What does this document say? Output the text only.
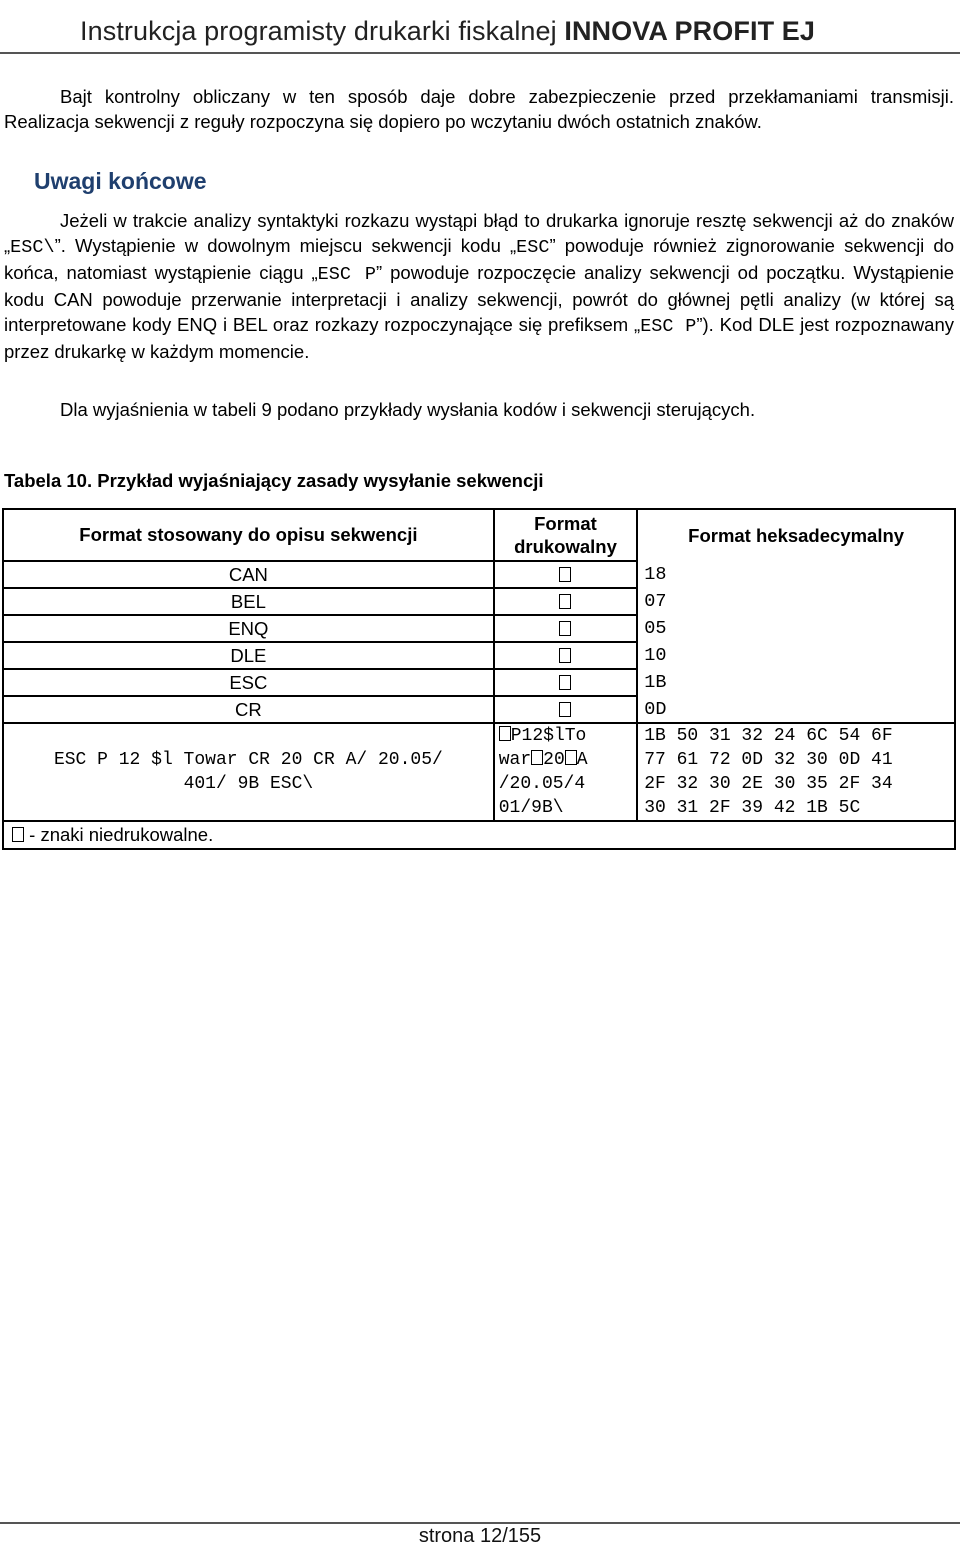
Instrukcja programisty drukarki fiskalnej INNOVA PROFIT EJ
Bajt kontrolny obliczany w ten sposób daje dobre zabezpieczenie przed przekłamaniami transmisji. Realizacja sekwencji z reguły rozpoczyna się dopiero po wczytaniu dwóch ostatnich znaków.
Uwagi końcowe
Jeżeli w trakcie analizy syntaktyki rozkazu wystąpi błąd to drukarka ignoruje resztę sekwencji aż do znaków „ESC\”. Wystąpienie w dowolnym miejscu sekwencji kodu „ESC” powoduje również zignorowanie sekwencji do końca, natomiast wystąpienie ciągu „ESC P” powoduje rozpoczęcie analizy sekwencji od początku. Wystąpienie kodu CAN powoduje przerwanie interpretacji i analizy sekwencji, powrót do głównej pętli analizy (w której są interpretowane kody ENQ i BEL oraz rozkazy rozpoczynające się prefiksem „ESC P”). Kod DLE jest rozpoznawany przez drukarkę w każdym momencie.
Dla wyjaśnienia w tabeli 9 podano przykłady wysłania kodów i sekwencji sterujących.
Tabela 10. Przykład wyjaśniający zasady wysyłanie sekwencji
Format stosowany do opisu sekwencji	Format drukowalny	Format heksadecymalny
CAN		18
BEL		07
ENQ		05
DLE		10
ESC		1B
CR		0D
ESC P 12 $l Towar CR 20 CR A/ 20.05/
401/ 9B ESC\	P12$lTo
war 20 A
/20.05/4
01/9B\	1B 50 31 32 24 6C 54 6F
77 61 72 0D 32 30 0D 41
2F 32 30 2E 30 35 2F 34
30 31 2F 39 42 1B 5C
- znaki niedrukowalne.		
strona 12/155
